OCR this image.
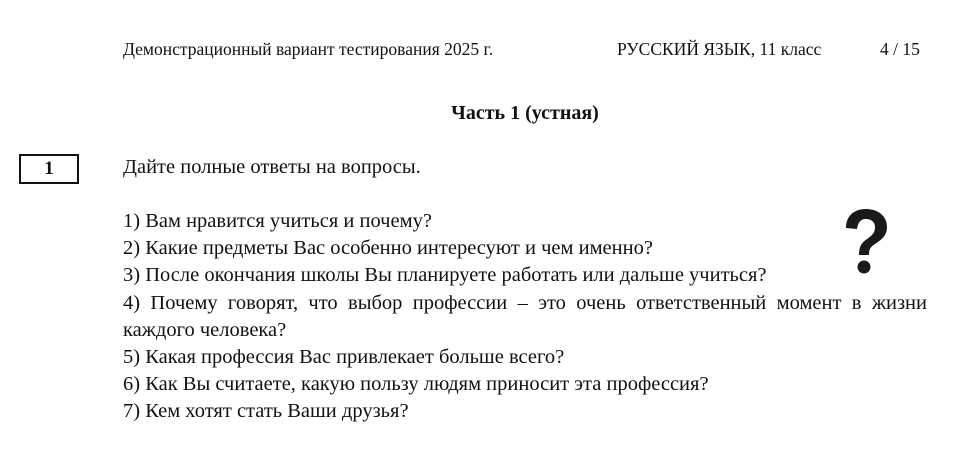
Демонстрационный вариант тестирования 2025 г.	РУССКИЙ ЯЗЫК, 11 класс	4 / 15
Часть 1 (устная)
1	Дайте полные ответы на вопросы.

1) Вам нравится учиться и почему?

2) Какие предметы Вас особенно интересуют и чем именно?

3) После окончания школы Вы планируете работать или дальше учиться?

4) Почему говорят, что выбор профессии – это очень ответственный момент в жизни каждого человека?

5) Какая профессия Вас привлекает больше всего?

6) Как Вы считаете, какую пользу людям приносит эта профессия?

7) Кем хотят стать Ваши друзья?
